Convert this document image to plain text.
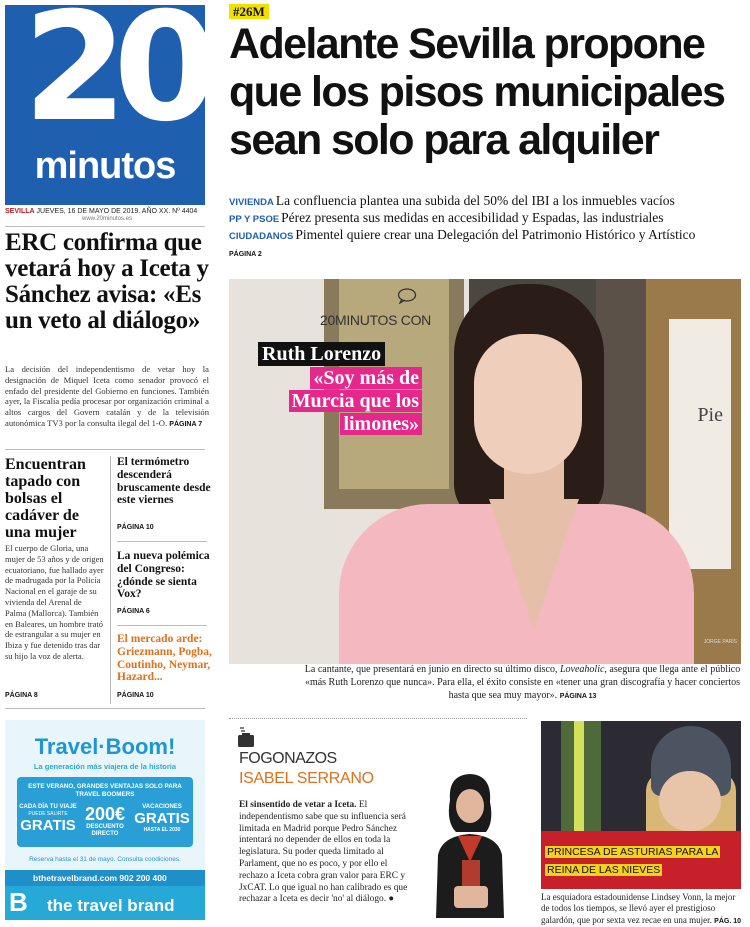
20
minutos
SEVILLA JUEVES, 16 DE MAYO DE 2019. AÑO XX. Nº 4404
www.20minutos.es
ERC confirma que vetará hoy a Iceta y Sánchez avisa: «Es un veto al diálogo»
La decisión del independentismo de vetar hoy la designación de Miquel Iceta como senador provocó el enfado del presidente del Gobierno en funciones. También ayer, la Fiscalía pedía procesar por organización criminal a altos cargos del Govern catalán y de la televisión autonómica TV3 por la consulta ilegal del 1-O. PÁGINA 7
Encuentran tapado con bolsas el cadáver de una mujer
El cuerpo de Gloria, una mujer de 53 años y de origen ecuatoriano, fue hallado ayer de madrugada por la Policía Nacional en el garaje de su vivienda del Arenal de Palma (Mallorca). También en Baleares, un hombre trató de estrangular a su mujer en Ibiza y fue detenido tras dar su hijo la voz de alerta.
PÁGINA 8
El termómetro descenderá bruscamente desde este viernes
PÁGINA 10
La nueva polémica del Congreso: ¿dónde se sienta Vox?
PÁGINA 6
El mercado arde: Griezmann, Pogba, Coutinho, Neymar, Hazard...
PÁGINA 10
Travel·Boom!
La generación más viajera de la historia
ESTE VERANO, GRANDES VENTAJAS SOLO PARA TRAVEL BOOMERS
CADA DÍA TU VIAJE
PUEDE SALIRTE
GRATIS
200€
DESCUENTO DIRECTO
VACACIONES
GRATIS
HASTA EL 2030
Reserva hasta el 31 de mayo. Consulta condiciones.
bthetravelbrand.com 902 200 400
B the travel brand
#26M
Adelante Sevilla propone que los pisos municipales sean solo para alquiler
VIVIENDA La confluencia plantea una subida del 50% del IBI a los inmuebles vacíos
PP Y PSOE Pérez presenta sus medidas en accesibilidad y Espadas, las industriales
CIUDADANOS Pimentel quiere crear una Delegación del Patrimonio Histórico y Artístico
PÁGINA 2
Pie
JORGE PARIS
20MINUTOS CON
Ruth Lorenzo
«Soy más de Murcia que los limones»
La cantante, que presentará en junio en directo su último disco, Loveaholic, asegura que llega ante el público «más Ruth Lorenzo que nunca». Para ella, el éxito consiste en «tener una gran discografía y hacer conciertos hasta que sea muy mayor». PÁGINA 13
FOGONAZOS
ISABEL SERRANO
El sinsentido de vetar a Iceta. El independentismo sabe que su influencia será limitada en Madrid porque Pedro Sánchez intentará no depender de ellos en toda la legislatura. Su poder queda limitado al Parlament, que no es poco, y por ello el rechazo a Iceta cobra gran valor para ERC y JxCAT. Lo que igual no han calibrado es que rechazar a Iceta es decir 'no' al diálogo. ●
PRINCESA DE ASTURIAS PARA LA REINA DE LAS NIEVES
La esquiadora estadounidense Lindsey Vonn, la mejor de todos los tiempos, se llevó ayer el prestigioso galardón, que por sexta vez recae en una mujer. PÁG. 10
